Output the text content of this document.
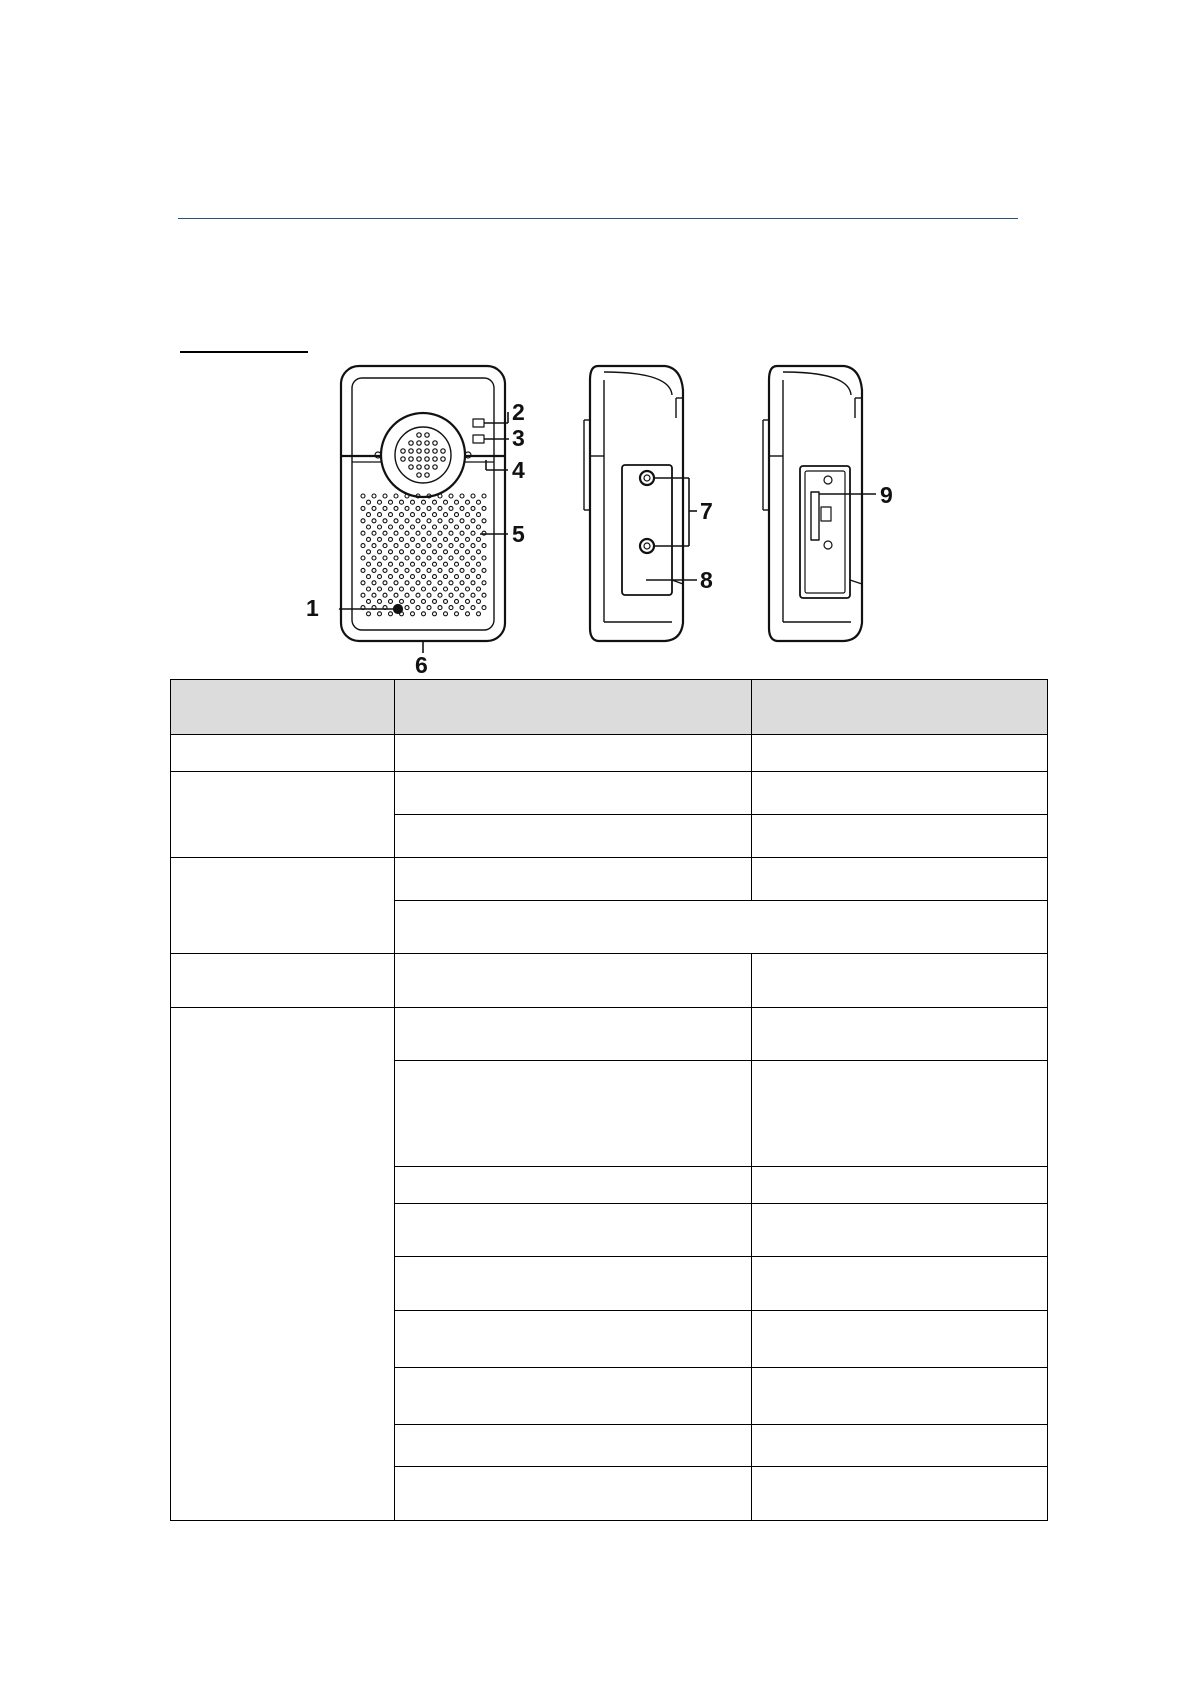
2
3
4
5
1
6
7
8
9
